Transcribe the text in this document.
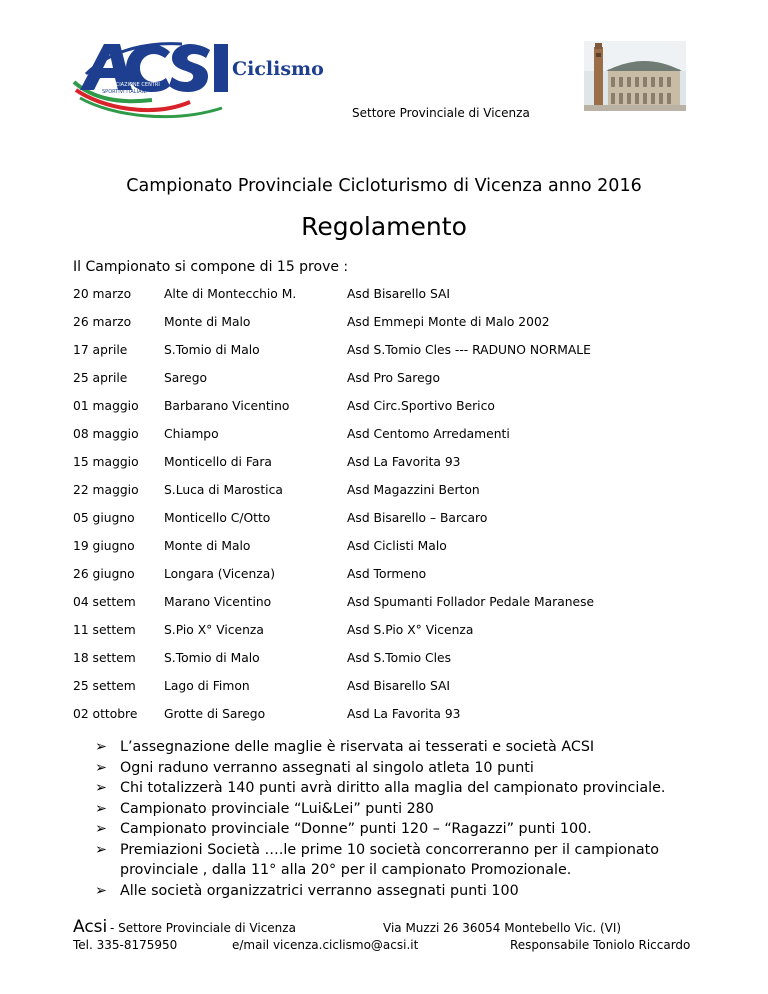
ASSOCIAZIONE CENTRI
SPORTIVI ITALIANI
Ciclismo
Settore Provinciale di Vicenza
Campionato Provinciale Cicloturismo di Vicenza anno 2016
Regolamento
Il Campionato si compone di 15 prove :
20 marzo	Alte di Montecchio M.	Asd Bisarello SAI
26 marzo	Monte di Malo	Asd Emmepi Monte di Malo 2002
17 aprile	S.Tomio di Malo	Asd S.Tomio Cles --- RADUNO NORMALE
25 aprile	Sarego	Asd Pro Sarego
01 maggio Barbarano Vicentino	Asd Circ.Sportivo Berico
08 maggio Chiampo	Asd Centomo Arredamenti
15 maggio Monticello di Fara	Asd La Favorita 93
22 maggio S.Luca di Marostica	Asd Magazzini Berton
05 giugno Monticello C/Otto	Asd Bisarello – Barcaro
19 giugno Monte di Malo	Asd Ciclisti Malo
26 giugno Longara (Vicenza)	Asd Tormeno
04 settem Marano Vicentino	Asd Spumanti Follador Pedale Maranese
11 settem S.Pio X° Vicenza	Asd S.Pio X° Vicenza
18 settem S.Tomio di Malo	Asd S.Tomio Cles
25 settem Lago di Fimon	Asd Bisarello SAI
02 ottobre Grotte di Sarego	Asd La Favorita 93
➢ L’assegnazione delle maglie è riservata ai tesserati e società ACSI
➢ Ogni raduno verranno assegnati al singolo atleta 10 punti
➢ Chi totalizzerà 140 punti avrà diritto alla maglia del campionato provinciale.
➢ Campionato provinciale “Lui&Lei” punti 280
➢ Campionato provinciale “Donne” punti 120 – “Ragazzi” punti 100.
➢ Premiazioni Società ….le prime 10 società concorreranno per il campionato provinciale , dalla 11° alla 20° per il campionato Promozionale.
➢ Alle società organizzatrici verranno assegnati punti 100
Acsi - Settore Provinciale di Vicenza	Via Muzzi 26 36054 Montebello Vic. (VI)
Tel. 335-8175950	e/mail vicenza.ciclismo@acsi.it	Responsabile Toniolo Riccardo
